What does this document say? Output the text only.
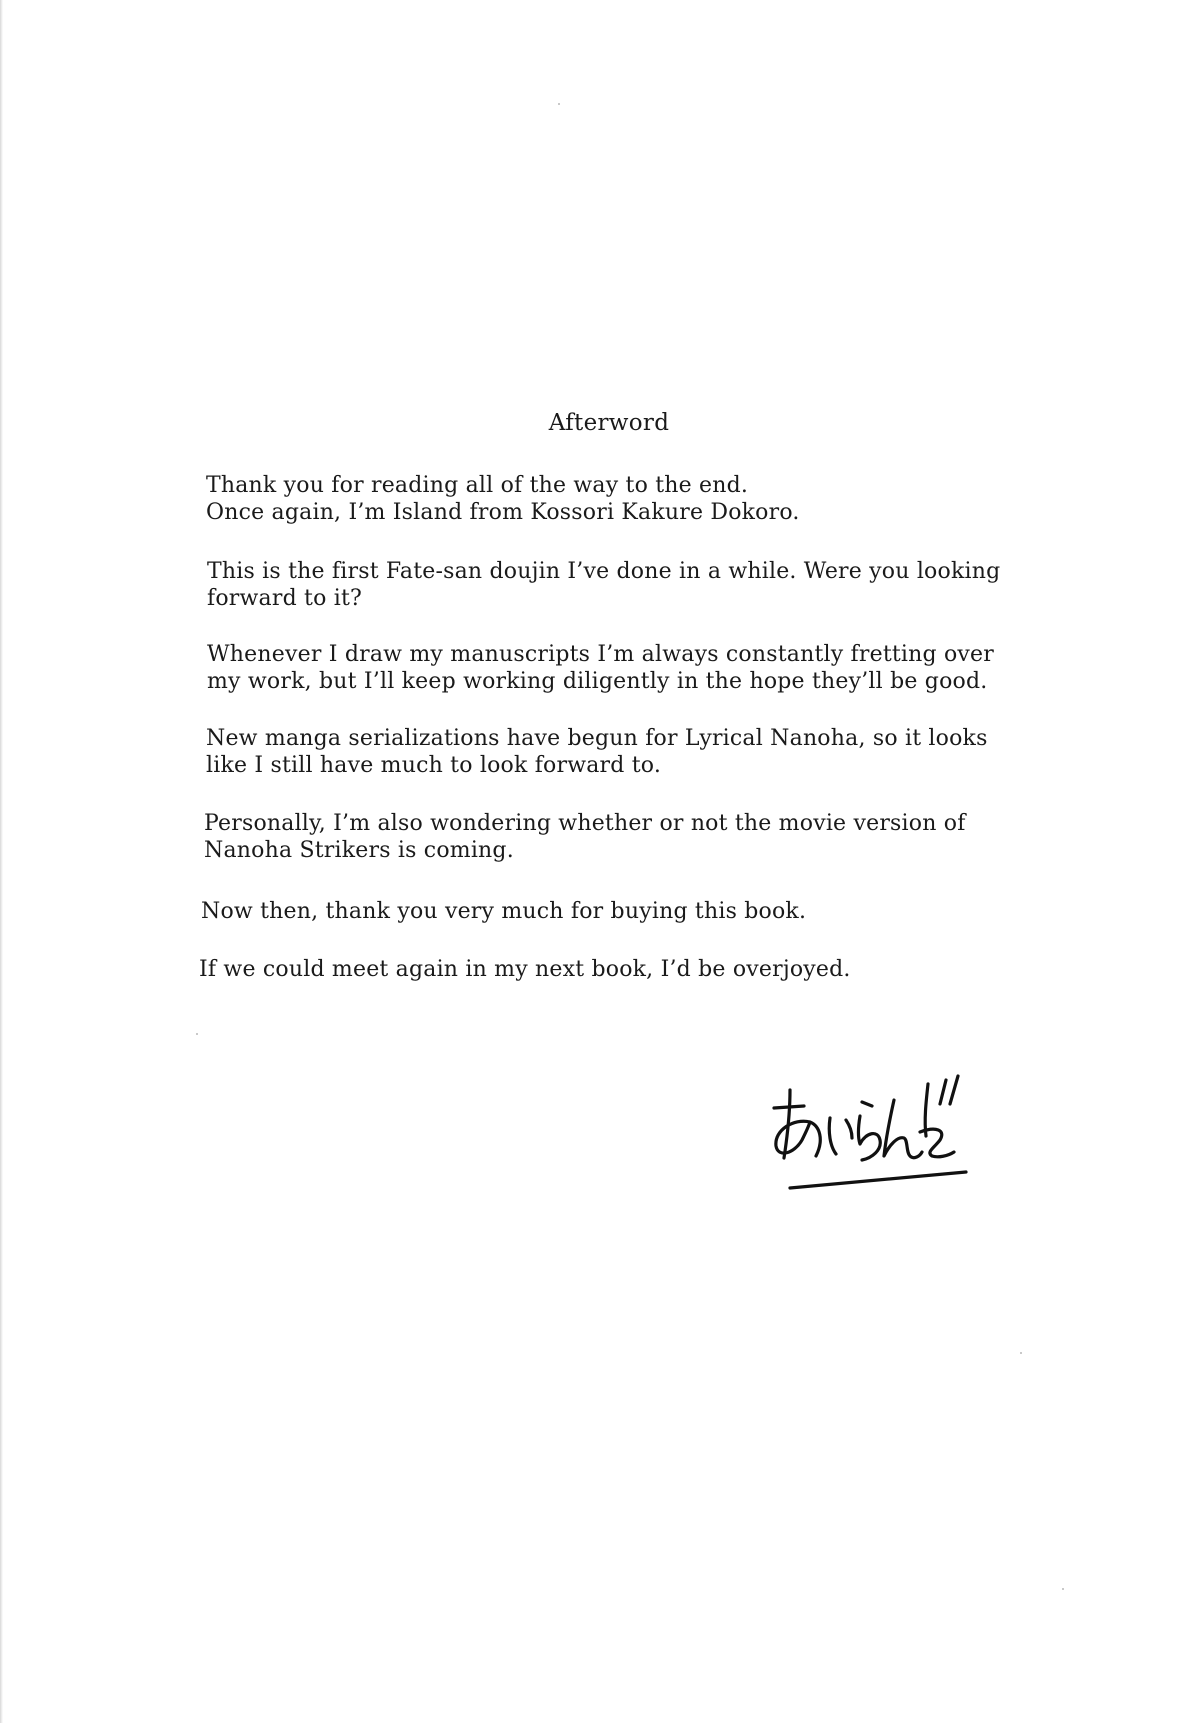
Afterword
Thank you for reading all of the way to the end.
Once again, I’m Island from Kossori Kakure Dokoro.
This is the first Fate-san doujin I’ve done in a while. Were you looking
forward to it?
Whenever I draw my manuscripts I’m always constantly fretting over
my work, but I’ll keep working diligently in the hope they’ll be good.
New manga serializations have begun for Lyrical Nanoha, so it looks
like I still have much to look forward to.
Personally, I’m also wondering whether or not the movie version of
Nanoha Strikers is coming.
Now then, thank you very much for buying this book.
If we could meet again in my next book, I’d be overjoyed.
